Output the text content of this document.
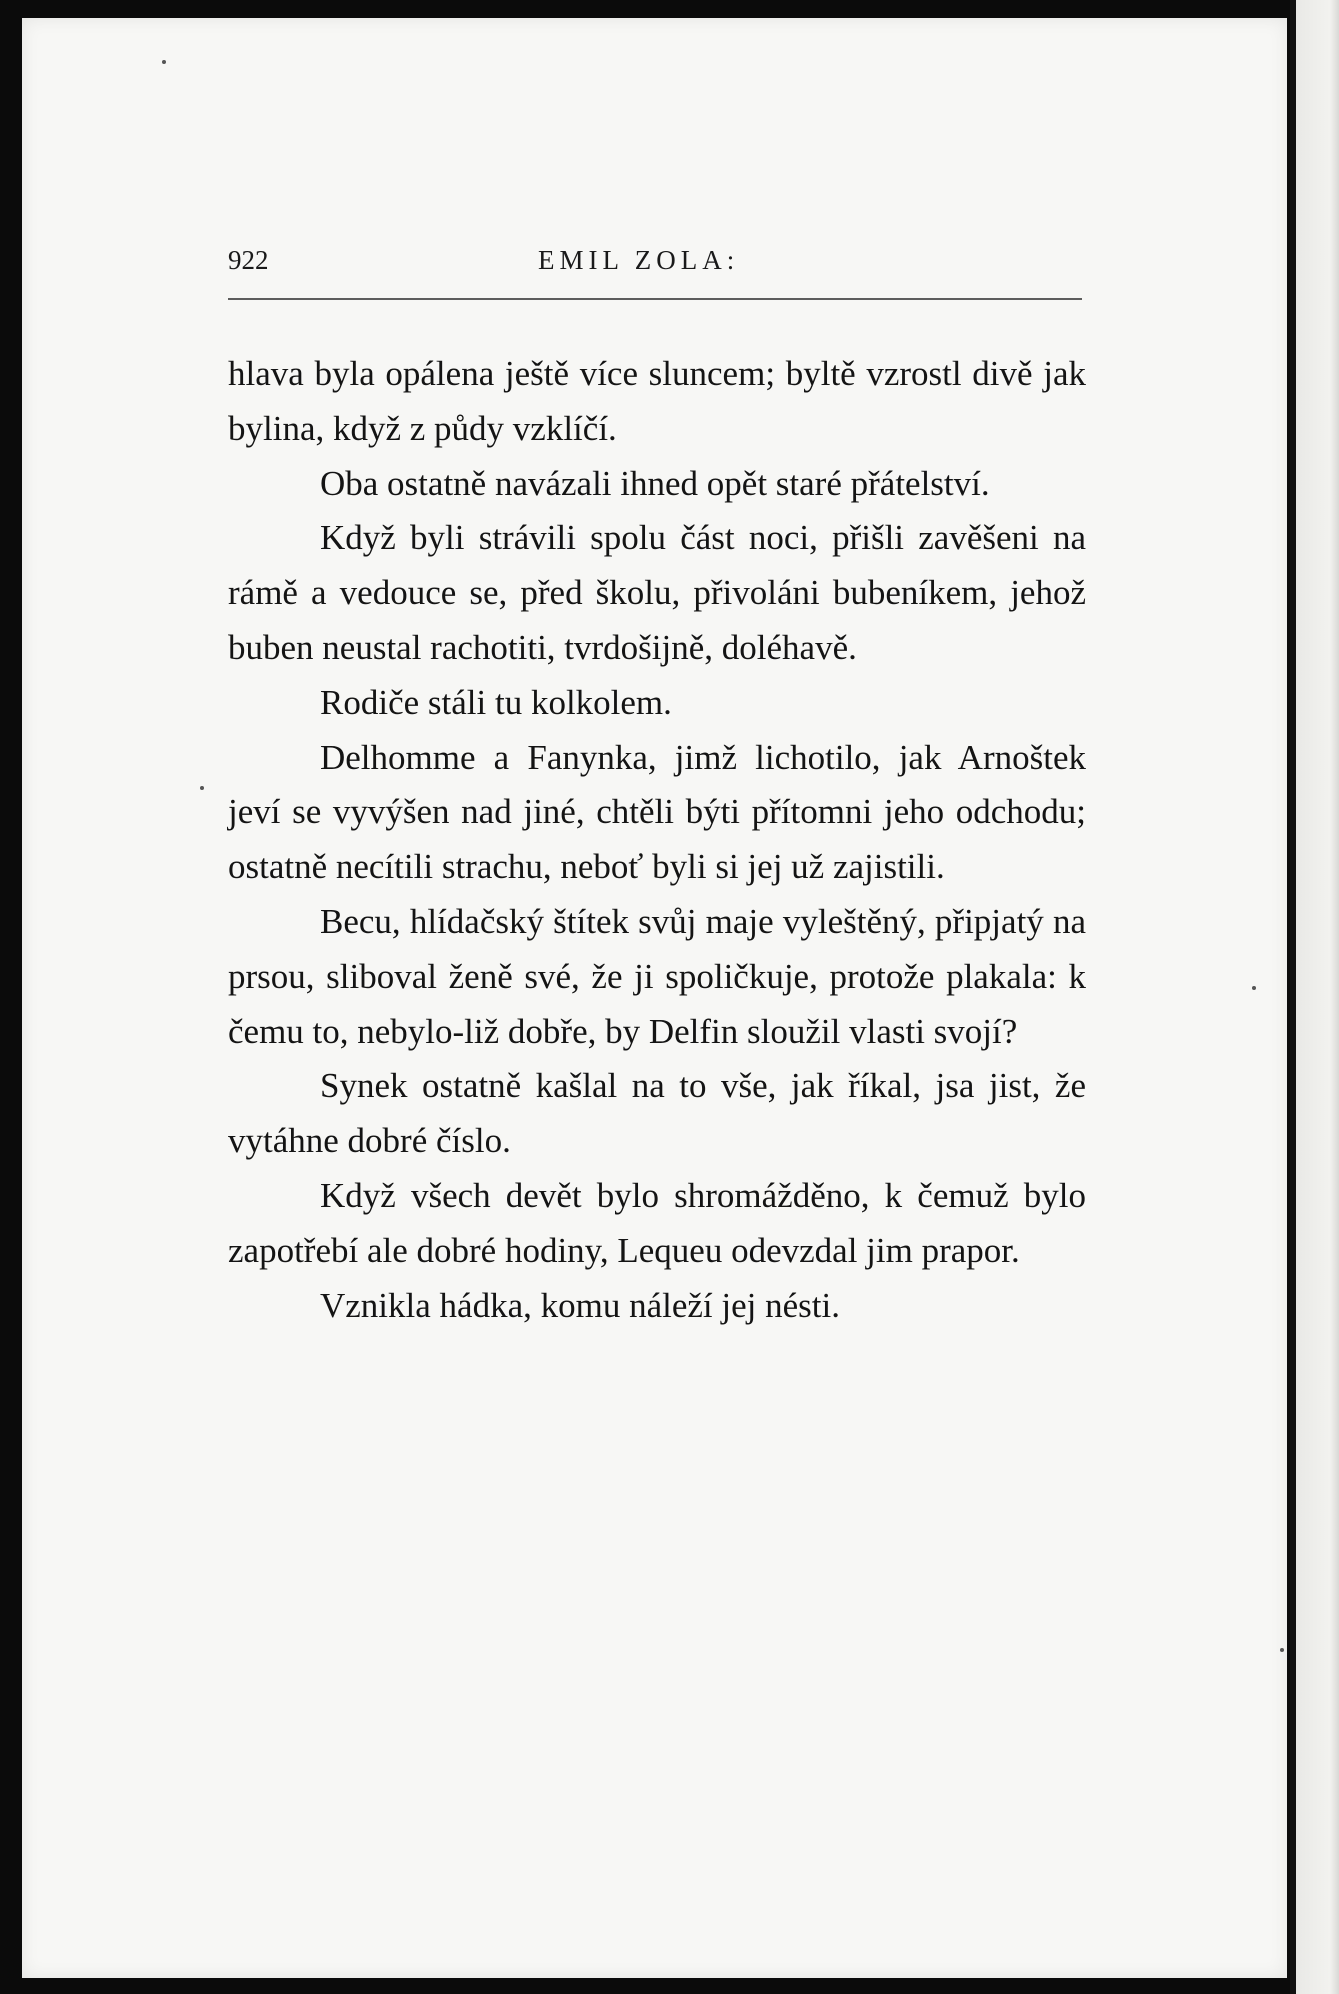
922	EMIL ZOLA:

hlava byla opálena ještě více sluncem; byltě vzrostl divě jak bylina, když z půdy vzklíčí.

Oba ostatně navázali ihned opět staré přátelství.

Když byli strávili spolu část noci, přišli zavěšeni na rámě a vedouce se, před školu, přivoláni bubeníkem, jehož buben neustal rachotiti, tvrdošijně, doléhavě.

Rodiče stáli tu kolkolem.

Delhomme a Fanynka, jimž lichotilo, jak Arnoštek jeví se vyvýšen nad jiné, chtěli býti přítomni jeho odchodu; ostatně necítili strachu, neboť byli si jej už zajistili.

Becu, hlídačský štítek svůj maje vyleštěný, připjatý na prsou, sliboval ženě své, že ji spoličkuje, protože plakala: k čemu to, nebylo-liž dobře, by Delfin sloužil vlasti svojí?

Synek ostatně kašlal na to vše, jak říkal, jsa jist, že vytáhne dobré číslo.

Když všech devět bylo shromážděno, k čemuž bylo zapotřebí ale dobré hodiny, Lequeu odevzdal jim prapor.

Vznikla hádka, komu náleží jej nésti.
